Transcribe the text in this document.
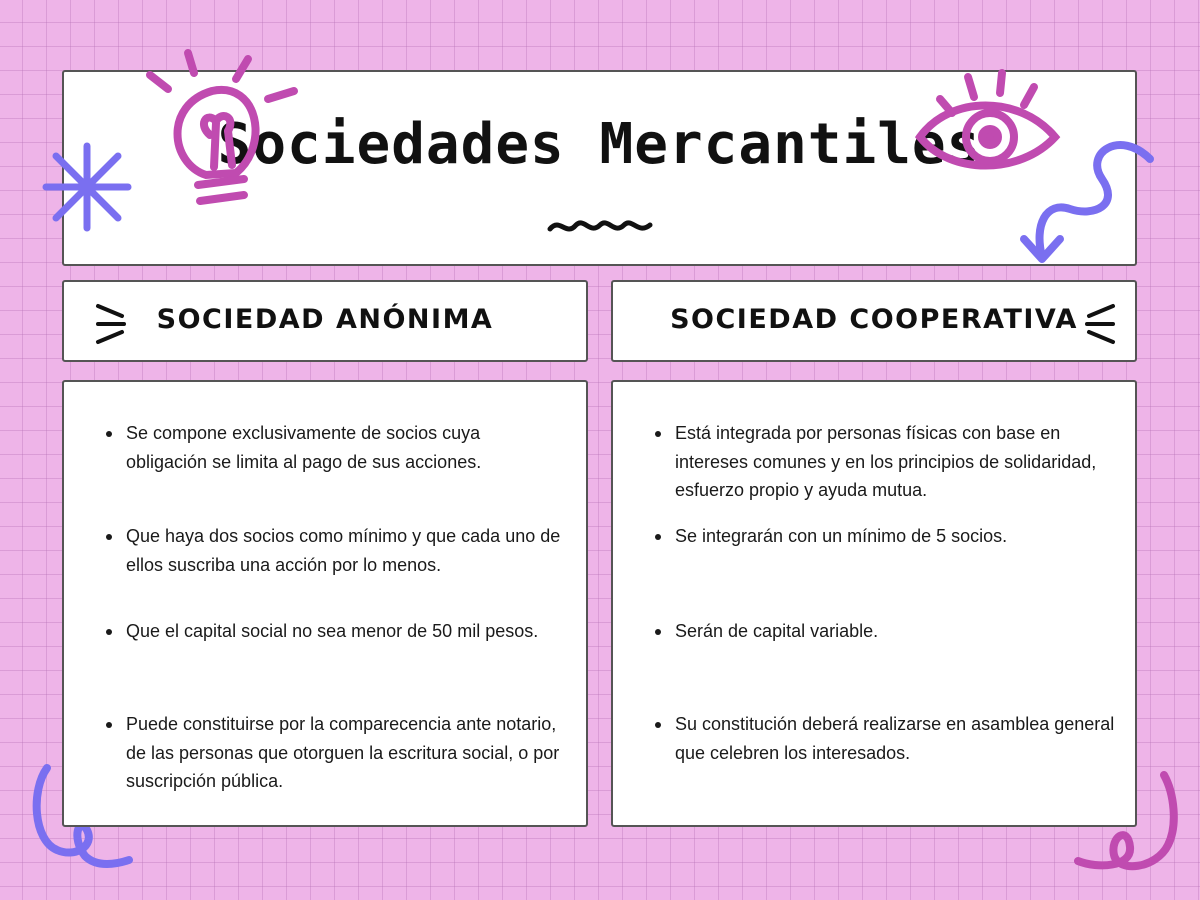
Sociedades Mercantiles
SOCIEDAD ANÓNIMA	SOCIEDAD COOPERATIVA
Se compone exclusivamente de socios cuya obligación se limita al pago de sus acciones.
Que haya dos socios como mínimo y que cada uno de ellos suscriba una acción por lo menos.
Que el capital social no sea menor de 50 mil pesos.
Puede constituirse por la comparecencia ante notario, de las personas que otorguen la escritura social, o por suscripción pública.
Está integrada por personas físicas con base en intereses comunes y en los principios de solidaridad, esfuerzo propio y ayuda mutua.
Se integrarán con un mínimo de 5 socios.
Serán de capital variable.
Su constitución deberá realizarse en asamblea general que celebren los interesados.
